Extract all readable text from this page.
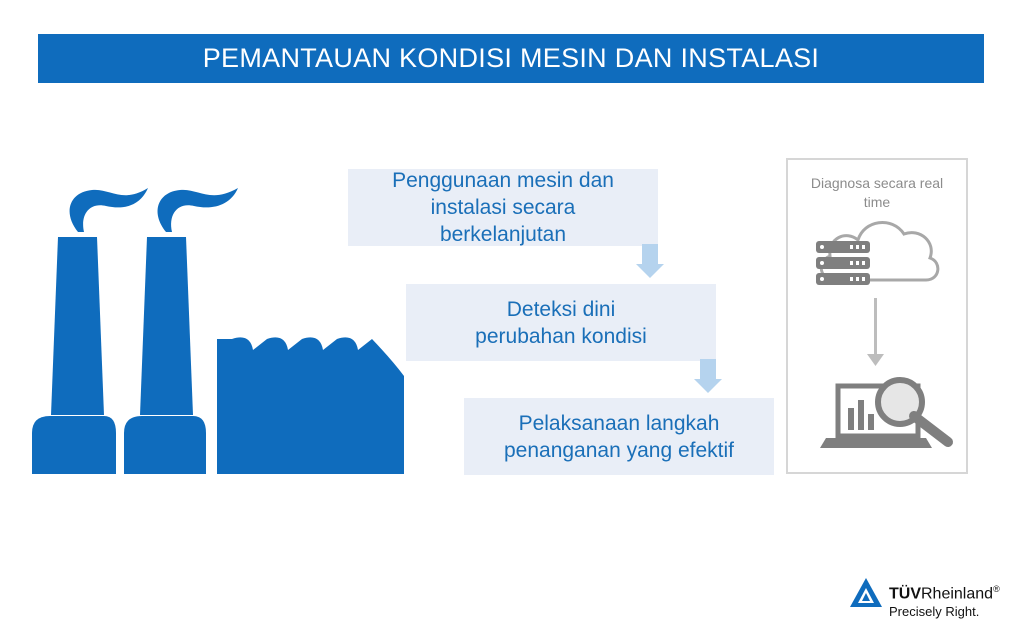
PEMANTAUAN KONDISI MESIN DAN INSTALASI
Penggunaan mesin dan
instalasi secara
berkelanjutan
Deteksi dini
perubahan kondisi
Pelaksanaan langkah
penanganan yang efektif
Diagnosa secara real
time
TÜVRheinland®
Precisely Right.
